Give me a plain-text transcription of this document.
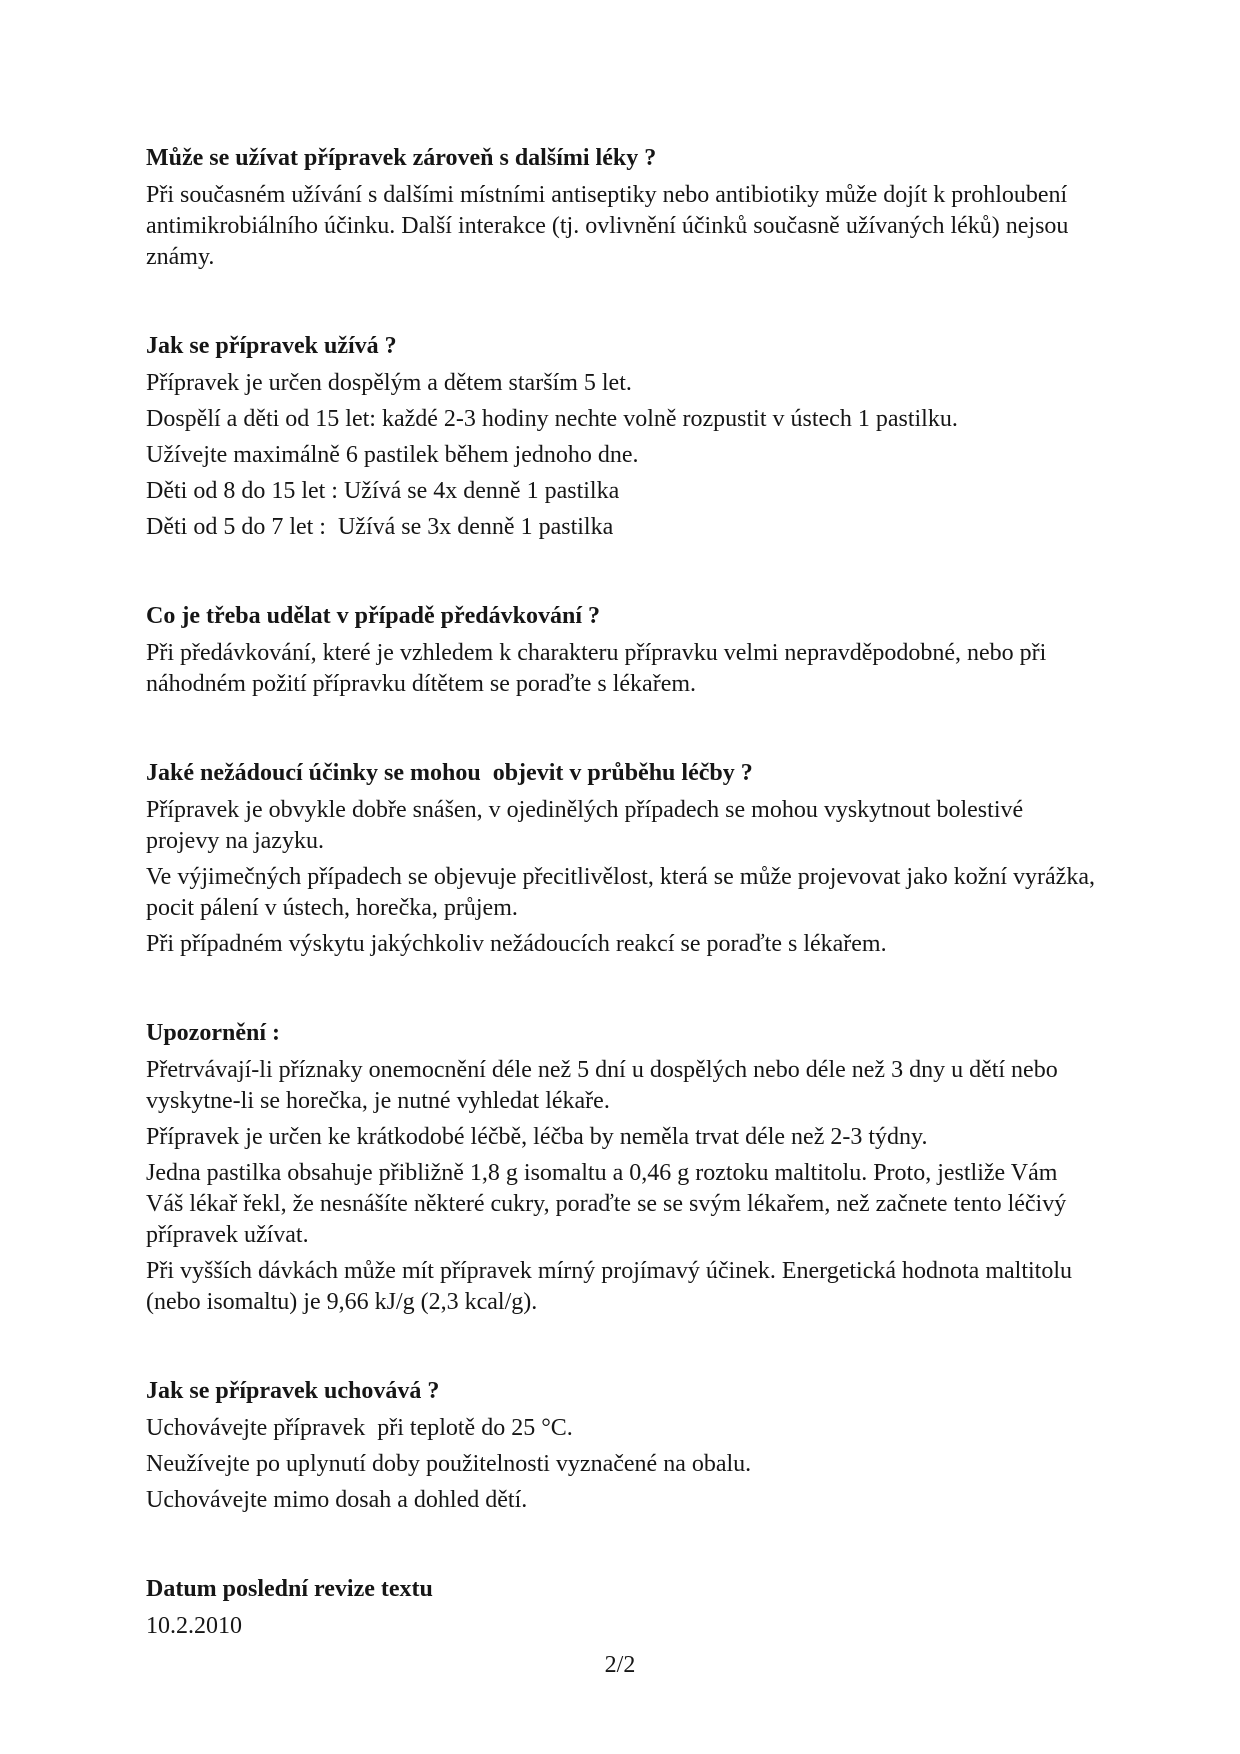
Může se užívat přípravek zároveň s dalšími léky ?

Při současném užívání s dalšími místními antiseptiky nebo antibiotiky může dojít k prohloubení antimikrobiálního účinku. Další interakce (tj. ovlivnění účinků současně užívaných léků) nejsou známy.

Jak se přípravek užívá ?

Přípravek je určen dospělým a dětem starším 5 let.

Dospělí a děti od 15 let: každé 2-3 hodiny nechte volně rozpustit v ústech 1 pastilku.

Užívejte maximálně 6 pastilek během jednoho dne.

Děti od 8 do 15 let : Užívá se 4x denně 1 pastilka

Děti od 5 do 7 let :  Užívá se 3x denně 1 pastilka

Co je třeba udělat v případě předávkování ?

Při předávkování, které je vzhledem k charakteru přípravku velmi nepravděpodobné, nebo při náhodném požití přípravku dítětem se poraďte s lékařem.

Jaké nežádoucí účinky se mohou  objevit v průběhu léčby ?

Přípravek je obvykle dobře snášen, v ojedinělých případech se mohou vyskytnout bolestivé projevy na jazyku.

Ve výjimečných případech se objevuje přecitlivělost, která se může projevovat jako kožní vyrážka, pocit pálení v ústech, horečka, průjem.

Při případném výskytu jakýchkoliv nežádoucích reakcí se poraďte s lékařem.

Upozornění :

Přetrvávají-li příznaky onemocnění déle než 5 dní u dospělých nebo déle než 3 dny u dětí nebo vyskytne-li se horečka, je nutné vyhledat lékaře.

Přípravek je určen ke krátkodobé léčbě, léčba by neměla trvat déle než 2-3 týdny.

Jedna pastilka obsahuje přibližně 1,8 g isomaltu a 0,46 g roztoku maltitolu. Proto, jestliže Vám Váš lékař řekl, že nesnášíte některé cukry, poraďte se se svým lékařem, než začnete tento léčivý přípravek užívat.

Při vyšších dávkách může mít přípravek mírný projímavý účinek. Energetická hodnota maltitolu (nebo isomaltu) je 9,66 kJ/g (2,3 kcal/g).

Jak se přípravek uchovává ?

Uchovávejte přípravek  při teplotě do 25 °C.

Neužívejte po uplynutí doby použitelnosti vyznačené na obalu.

Uchovávejte mimo dosah a dohled dětí.

Datum poslední revize textu

10.2.2010

2/2
